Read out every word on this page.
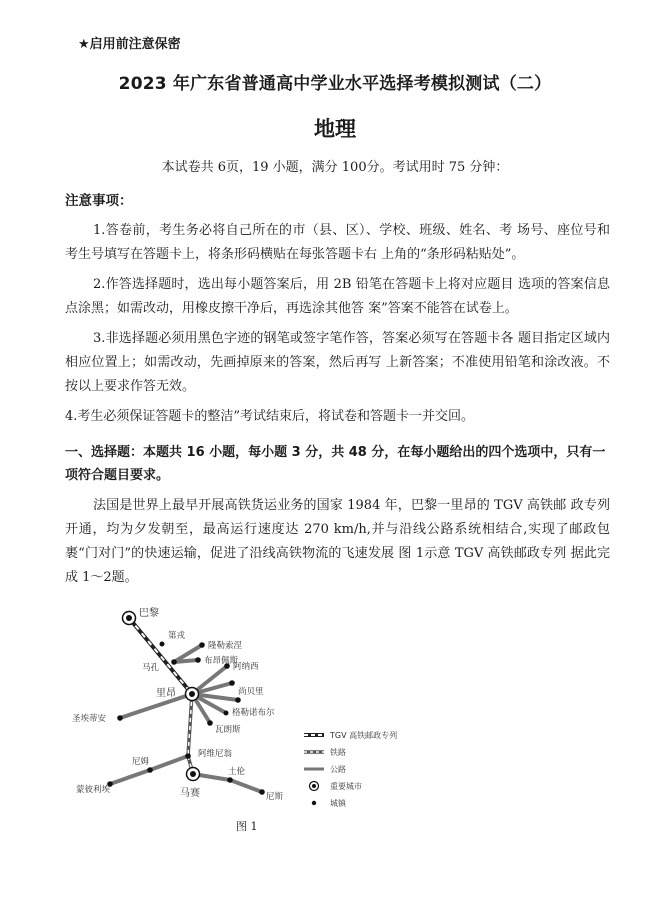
★启用前注意保密
2023 年广东省普通高中学业水平选择考模拟测试（二）
地理
本试卷共 6页，19 小题，满分 100分。考试用时 75 分钟：
注意事项：
1.答卷前，考生务必将自己所在的市（县、区）、学校、班级、姓名、考 场号、座位号和考生号填写在答题卡上，将条形码横贴在每张答题卡右 上角的“条形码粘贴处”。
2.作答选择题时，选出每小题答案后，用 2B 铅笔在答题卡上将对应题目 选项的答案信息点涂黑；如需改动，用橡皮擦干净后，再选涂其他答 案”答案不能答在试卷上。
3.非选择题必须用黑色字迹的钢笔或签字笔作答，答案必须写在答题卡各 题目指定区域内相应位置上；如需改动，先画掉原来的答案，然后再写 上新答案；不准使用铅笔和涂改液。不按以上要求作答无效。
4.考生必须保证答题卡的整洁”考试结束后，将试卷和答题卡一并交回。
一、选择题：本题共 16 小题，每小题 3 分，共 48 分，在每小题给出的四个选项中，只有一项符合题目要求。
法国是世界上最早开展高铁货运业务的国家 1984 年，巴黎一里昂的 TGV 高铁邮 政专列开通，均为夕发朝至，最高运行速度达 270 km/h,并与沿线公路系统相结合,实现了邮政包裹“门对门”的快速运输，促进了沿线高铁物流的飞速发展 图 1示意 TGV 高铁邮政专列 据此完成 1～2题。
巴黎
第戎
隆勒索涅
布昂佩斯
马孔	阿纳西
里昂	尚贝里
格勒诺布尔
瓦朗斯
圣埃蒂安
阿维尼翁
尼姆
蒙彼利埃	马赛
土伦
尼斯
TGV 高铁邮政专列
铁路
公路
重要城市
城镇
图 1
